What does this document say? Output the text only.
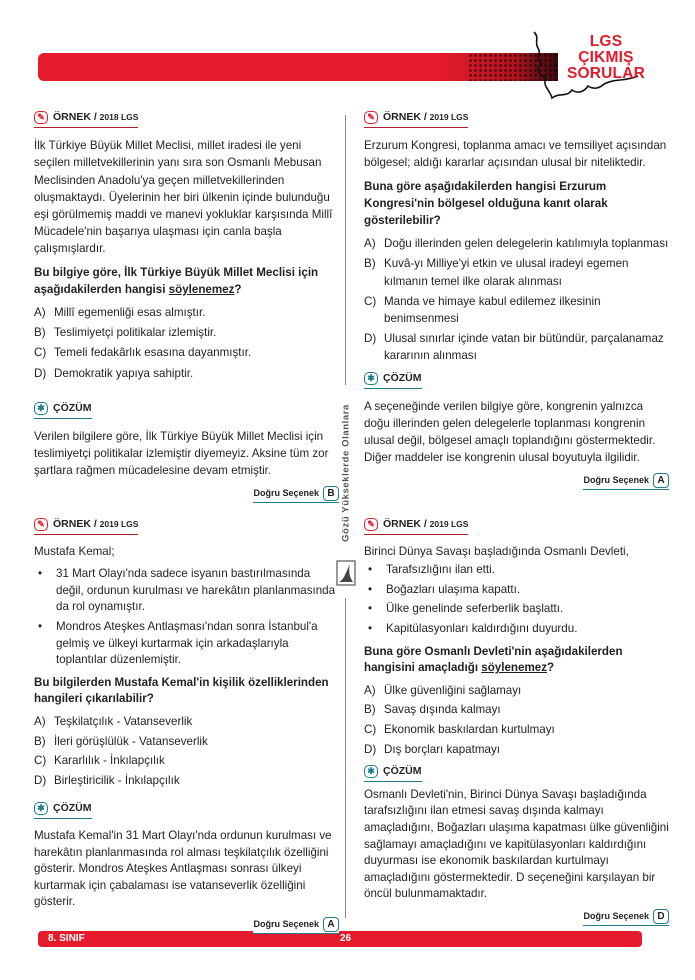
LGS
ÇIKMIŞ
SORULAR
Gözü Yükseklerde Olanlara
✎ ÖRNEK / 2018 LGS

İlk Türkiye Büyük Millet Meclisi, millet iradesi ile yeni seçilen milletvekillerinin yanı sıra son Osmanlı Mebusan Meclisinden Anadolu'ya geçen milletvekillerinden oluşmaktaydı. Üyelerinin her biri ülkenin içinde bulunduğu eşi görülmemiş maddi ve manevi yokluklar karşısında Millî Mücadele'nin başarıya ulaşması için canla başla çalışmışlardır.

Bu bilgiye göre, İlk Türkiye Büyük Millet Meclisi için aşağıdakilerden hangisi söylenemez?

A) Millî egemenliği esas almıştır.
B) Teslimiyetçi politikalar izlemiştir.
C) Temeli fedakârlık esasına dayanmıştır.
D) Demokratik yapıya sahiptir.
✱ ÇÖZÜM

Verilen bilgilere göre, İlk Türkiye Büyük Millet Meclisi için teslimiyetçi politikalar izlemiştir diyemeyiz. Aksine tüm zor şartlara rağmen mücadelesine devam etmiştir.

Doğru Seçenek B
✎ ÖRNEK / 2019 LGS

Erzurum Kongresi, toplanma amacı ve temsiliyet açısından bölgesel; aldığı kararlar açısından ulusal bir niteliktedir.

Buna göre aşağıdakilerden hangisi Erzurum Kongresi'nin bölgesel olduğuna kanıt olarak gösterilebilir?

A) Doğu illerinden gelen delegelerin katılımıyla toplanması
B) Kuvâ-yı Milliye'yi etkin ve ulusal iradeyi egemen kılmanın temel ilke olarak alınması
C) Manda ve himaye kabul edilemez ilkesinin benimsenmesi
D) Ulusal sınırlar içinde vatan bir bütündür, parçalanamaz kararının alınması
✱ ÇÖZÜM

A seçeneğinde verilen bilgiye göre, kongrenin yalnızca doğu illerinden gelen delegelerle toplanması kongrenin ulusal değil, bölgesel amaçlı toplandığını göstermektedir. Diğer maddeler ise kongrenin ulusal boyutuyla ilgilidir.

Doğru Seçenek A
✎ ÖRNEK / 2019 LGS

Mustafa Kemal;

•	31 Mart Olayı'nda sadece isyanın bastırılmasında değil, ordunun kurulması ve harekâtın planlanmasında da rol oynamıştır.
•	Mondros Ateşkes Antlaşması'ndan sonra İstanbul'a gelmiş ve ülkeyi kurtarmak için arkadaşlarıyla toplantılar düzenlemiştir.

Bu bilgilerden Mustafa Kemal'in kişilik özelliklerinden hangileri çıkarılabilir?

A) Teşkilatçılık - Vatanseverlik
B) İleri görüşlülük - Vatanseverlik
C) Kararlılık - İnkılapçılık
D) Birleştiricilik - İnkılapçılık
✱ ÇÖZÜM

Mustafa Kemal'in 31 Mart Olayı'nda ordunun kurulması ve harekâtın planlanmasında rol alması teşkilatçılık özelliğini gösterir. Mondros Ateşkes Antlaşması sonrası ülkeyi kurtarmak için çabalaması ise vatanseverlik özelliğini gösterir.

Doğru Seçenek A
✎ ÖRNEK / 2019 LGS

Birinci Dünya Savaşı başladığında Osmanlı Devleti,

•	Tarafsızlığını ilan etti.
•	Boğazları ulaşıma kapattı.
•	Ülke genelinde seferberlik başlattı.
•	Kapitülasyonları kaldırdığını duyurdu.

Buna göre Osmanlı Devleti'nin aşağıdakilerden hangisini amaçladığı söylenemez?

A) Ülke güvenliğini sağlamayı
B) Savaş dışında kalmayı
C) Ekonomik baskılardan kurtulmayı
D) Dış borçları kapatmayı
✱ ÇÖZÜM

Osmanlı Devleti'nin, Birinci Dünya Savaşı başladığında tarafsızlığını ilan etmesi savaş dışında kalmayı amaçladığını, Boğazları ulaşıma kapatması ülke güvenliğini sağlamayı amaçladığını ve kapitülasyonları kaldırdığını duyurması ise ekonomik baskılardan kurtulmayı amaçladığını göstermektedir. D seçeneğini karşılayan bir öncül bulunmamaktadır.

Doğru Seçenek D
8. SINIF	26
